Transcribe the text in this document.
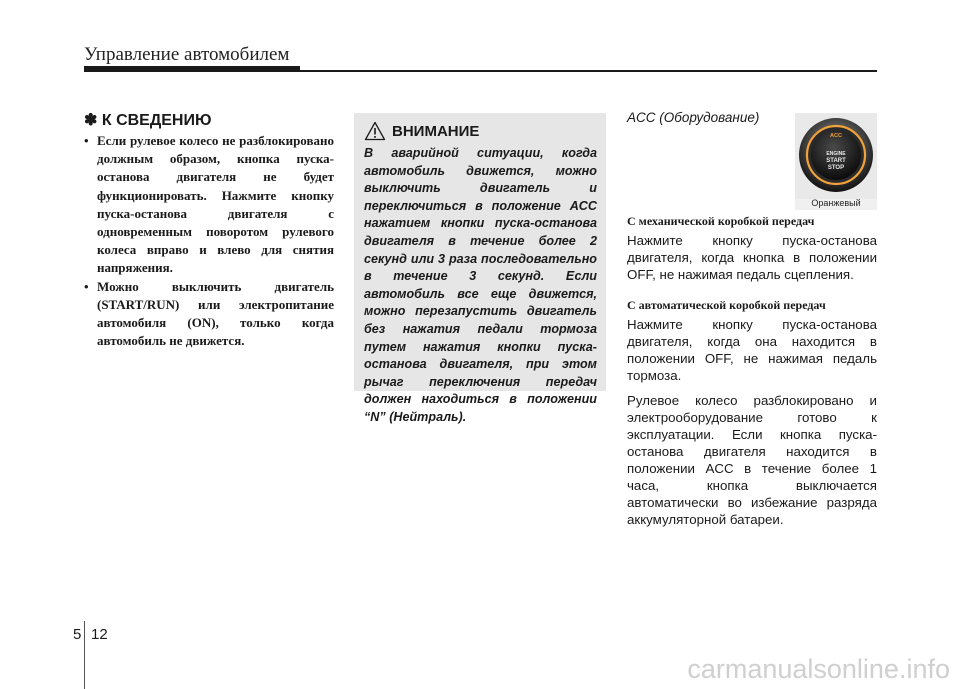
Управление автомобилем
✽ К СВЕДЕНИЮ
• Если рулевое колесо не разблокировано должным образом, кнопка пуска-останова двигателя не будет функционировать. Нажмите кнопку пуска-останова двигателя с одновременным поворотом рулевого колеса вправо и влево для снятия напряжения.
• Можно выключить двигатель (START/RUN) или электропитание автомобиля (ON), только когда автомобиль не движется.
ВНИМАНИЕ
В аварийной ситуации, когда автомобиль движется, можно выключить двигатель и переключиться в положение ACC нажатием кнопки пуска-останова двигателя в течение более 2 секунд или 3 раза последовательно в течение 3 секунд. Если автомобиль все еще движется, можно перезапустить двигатель без нажатия педали тормоза путем нажатия кнопки пуска-останова двигателя, при этом рычаг переключения передач должен находиться в положении “N” (Нейтраль).
ACC (Оборудование)
ACC
ENGINE
START
STOP
Оранжевый
С механической коробкой передач

Нажмите кнопку пуска-останова двигателя, когда кнопка в положении OFF, не нажимая педаль сцепления.

С автоматической коробкой передач

Нажмите кнопку пуска-останова двигателя, когда она находится в положении OFF, не нажимая педаль тормоза.

Рулевое колесо разблокировано и электрооборудование готово к эксплуатации. Если кнопка пуска-останова двигателя находится в положении ACC в течение более 1 часа, кнопка выключается автоматически во избежание разряда аккумуляторной батареи.

5 12
carmanualsonline.info
